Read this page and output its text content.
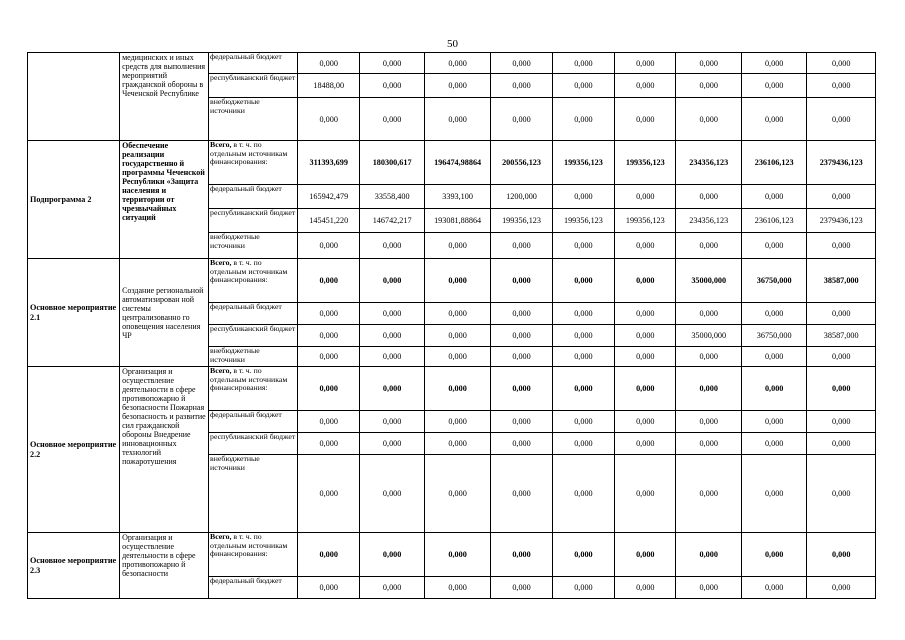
50
	медицинских и иных средств для выполнения мероприятий гражданской обороны в Чеченской Республике	федеральный бюджет	0,000	0,000	0,000	0,000	0,000	0,000	0,000	0,000	0,000
		республиканский бюджет	18488,00	0,000	0,000	0,000	0,000	0,000	0,000	0,000	0,000
		внебюджетные источники	0,000	0,000	0,000	0,000	0,000	0,000	0,000	0,000	0,000
Подпрограмма 2	Обеспечение реализации государственно й программы Чеченской Республики «Защита населения и территории от чрезвычайных ситуаций	Всего, в т. ч. по отдельным источникам финансирования:	311393,699	180300,617	196474,98864	200556,123	199356,123	199356,123	234356,123	236106,123	2379436,123
		федеральный бюджет	165942,479	33558,400	3393,100	1200,000	0,000	0,000	0,000	0,000	0,000
		республиканский бюджет	145451,220	146742,217	193081,88864	199356,123	199356,123	199356,123	234356,123	236106,123	2379436,123
		внебюджетные источники	0,000	0,000	0,000	0,000	0,000	0,000	0,000	0,000	0,000
Основное мероприятие 2.1	Создание региональной автоматизирован ной системы централизованно го оповещения населения ЧР	Всего, в т. ч. по отдельным источникам финансирования:	0,000	0,000	0,000	0,000	0,000	0,000	35000,000	36750,000	38587,000
		федеральный бюджет	0,000	0,000	0,000	0,000	0,000	0,000	0,000	0,000	0,000
		республиканский бюджет	0,000	0,000	0,000	0,000	0,000	0,000	35000,000	36750,000	38587,000
		внебюджетные источники	0,000	0,000	0,000	0,000	0,000	0,000	0,000	0,000	0,000
Основное мероприятие 2.2	Организация и осуществление деятельности в сфере противопожарно й безопасности Пожарная безопасность и развитие сил гражданской обороны Внедрение инновационных технологий пожаротушения	Всего, в т. ч. по отдельным источникам финансирования:	0,000	0,000	0,000	0,000	0,000	0,000	0,000	0,000	0,000
		федеральный бюджет	0,000	0,000	0,000	0,000	0,000	0,000	0,000	0,000	0,000
		республиканский бюджет	0,000	0,000	0,000	0,000	0,000	0,000	0,000	0,000	0,000
		внебюджетные источники	0,000	0,000	0,000	0,000	0,000	0,000	0,000	0,000	0,000
Основное мероприятие 2.3	Организация и осуществление деятельности в сфере противопожарно й безопасности	Всего, в т. ч. по отдельным источникам финансирования:	0,000	0,000	0,000	0,000	0,000	0,000	0,000	0,000	0,000
		федеральный бюджет	0,000	0,000	0,000	0,000	0,000	0,000	0,000	0,000	0,000
